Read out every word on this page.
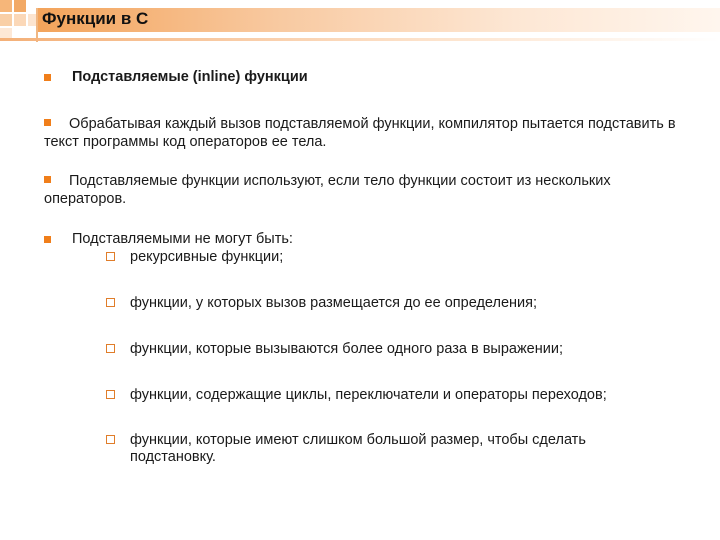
Функции в С
Подставляемые (inline) функции
Обрабатывая каждый вызов подставляемой функции, компилятор пытается подставить в текст программы код операторов ее тела.
Подставляемые функции используют, если тело функции состоит из нескольких операторов.
Подставляемыми не могут быть:
рекурсивные функции;
функции, у которых вызов размещается до ее определения;
функции, которые вызываются более одного раза в выражении;
функции, содержащие циклы, переключатели и операторы переходов;
функции, которые имеют слишком большой размер, чтобы сделать подстановку.
